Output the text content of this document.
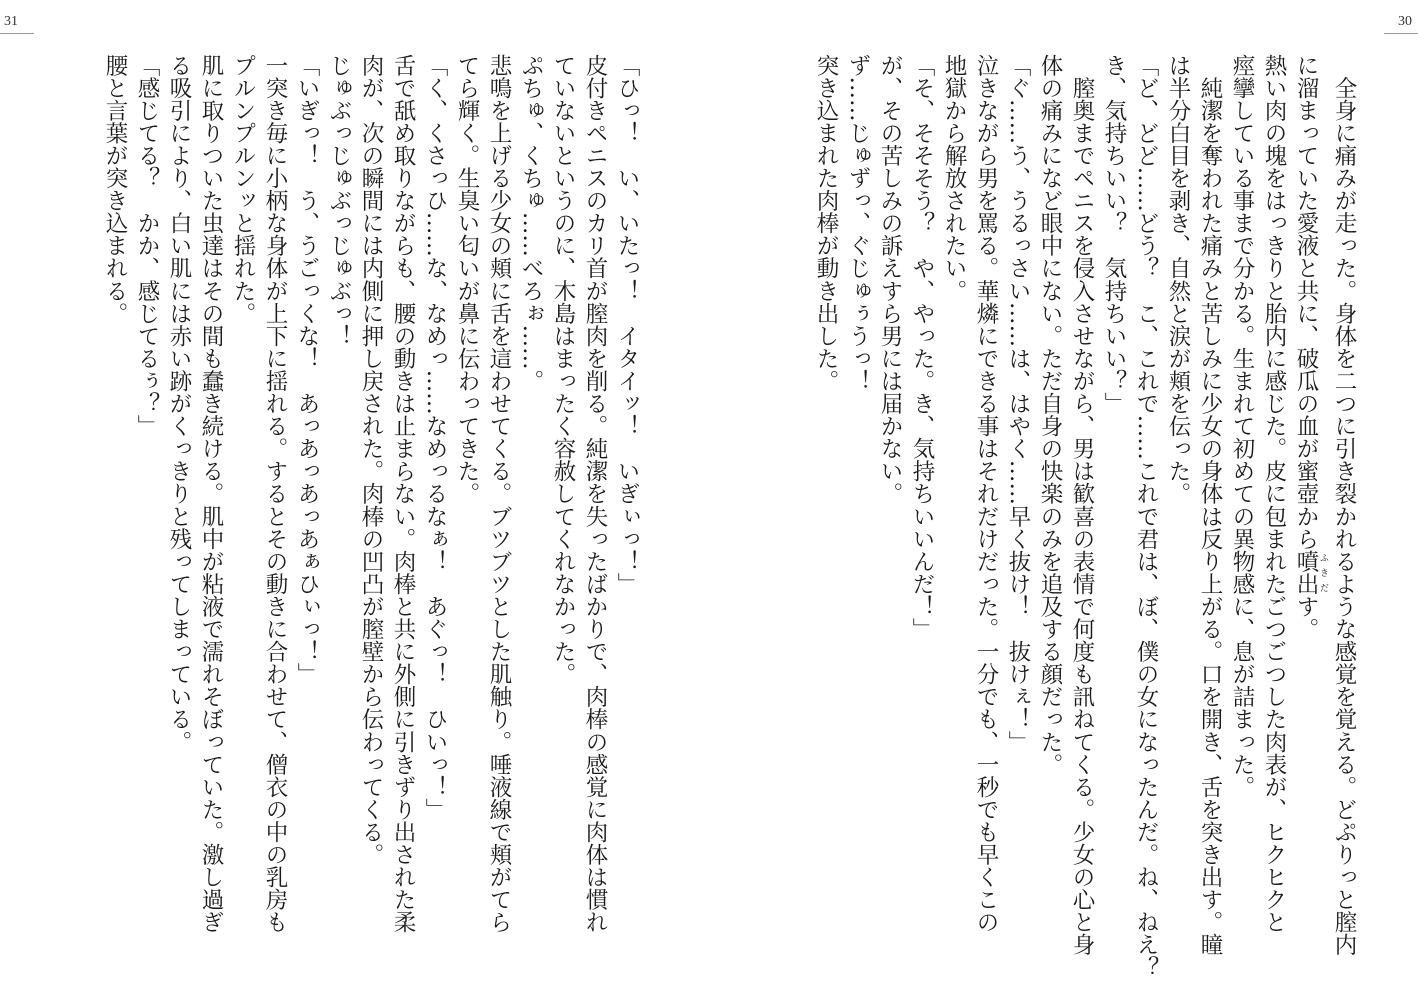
31
「ひっ！　い、いたっ！　イタイッ！　いぎぃっ！」
皮付きペニスのカリ首が膣肉を削る。純潔を失ったばかりで、肉棒の感覚に肉体は慣れ
ていないというのに、木島はまったく容赦してくれなかった。
ぷちゅ、くちゅ……べろぉ……。
悲鳴を上げる少女の頬に舌を這わせてくる。ブツブツとした肌触り。唾液線で頬がてら
てら輝く。生臭い匂いが鼻に伝わってきた。
「く、くさっひ……な、なめっ……なめっるなぁ！　あぐっ！　ひいっ！」
舌で舐め取りながらも、腰の動きは止まらない。肉棒と共に外側に引きずり出された柔
肉が、次の瞬間には内側に押し戻された。肉棒の凹凸が膣壁から伝わってくる。
じゅぶっじゅぶっじゅぶっ！
「いぎっ！　う、うごっくな！　あっあっあっあぁひぃっ！」
一突き毎に小柄な身体が上下に揺れる。するとその動きに合わせて、僧衣の中の乳房も
プルンプルンッと揺れた。
肌に取りついた虫達はその間も蠢き続ける。肌中が粘液で濡れそぼっていた。激し過ぎ
る吸引により、白い肌には赤い跡がくっきりと残ってしまっている。
「感じてる？　かか、感じてるぅ？」
腰と言葉が突き込まれる。
30
　全身に痛みが走った。身体を二つに引き裂かれるような感覚を覚える。どぷりっと膣内
に溜まっていた愛液と共に、破瓜の血が蜜壺から噴出 ふきだす。
熱い肉の塊をはっきりと胎内に感じた。皮に包まれたごつごつした肉表が、ヒクヒクと
痙攣している事まで分かる。生まれて初めての異物感に、息が詰まった。
　純潔を奪われた痛みと苦しみに少女の身体は反り上がる。口を開き、舌を突き出す。瞳
は半分白目を剥き、自然と涙が頬を伝った。
「ど、どど……どう？　こ、これで……これで君は、ぼ、僕の女になったんだ。ね、ねえ？
き、気持ちいい？　気持ちいい？」
　膣奥までペニスを侵入させながら、男は歓喜の表情で何度も訊ねてくる。少女の心と身
体の痛みになど眼中にない。ただ自身の快楽のみを追及する顔だった。
「ぐ……う、うるっさい……は、はやく……早く抜け！　抜けぇ！」
泣きながら男を罵る。華燐にできる事はそれだけだった。一分でも、一秒でも早くこの
地獄から解放されたい。
「そ、そそそう？　や、やった。き、気持ちいいんだ！」
が、その苦しみの訴えすら男には届かない。
ず……じゅずっ、ぐじゅぅうっ！
突き込まれた肉棒が動き出した。
